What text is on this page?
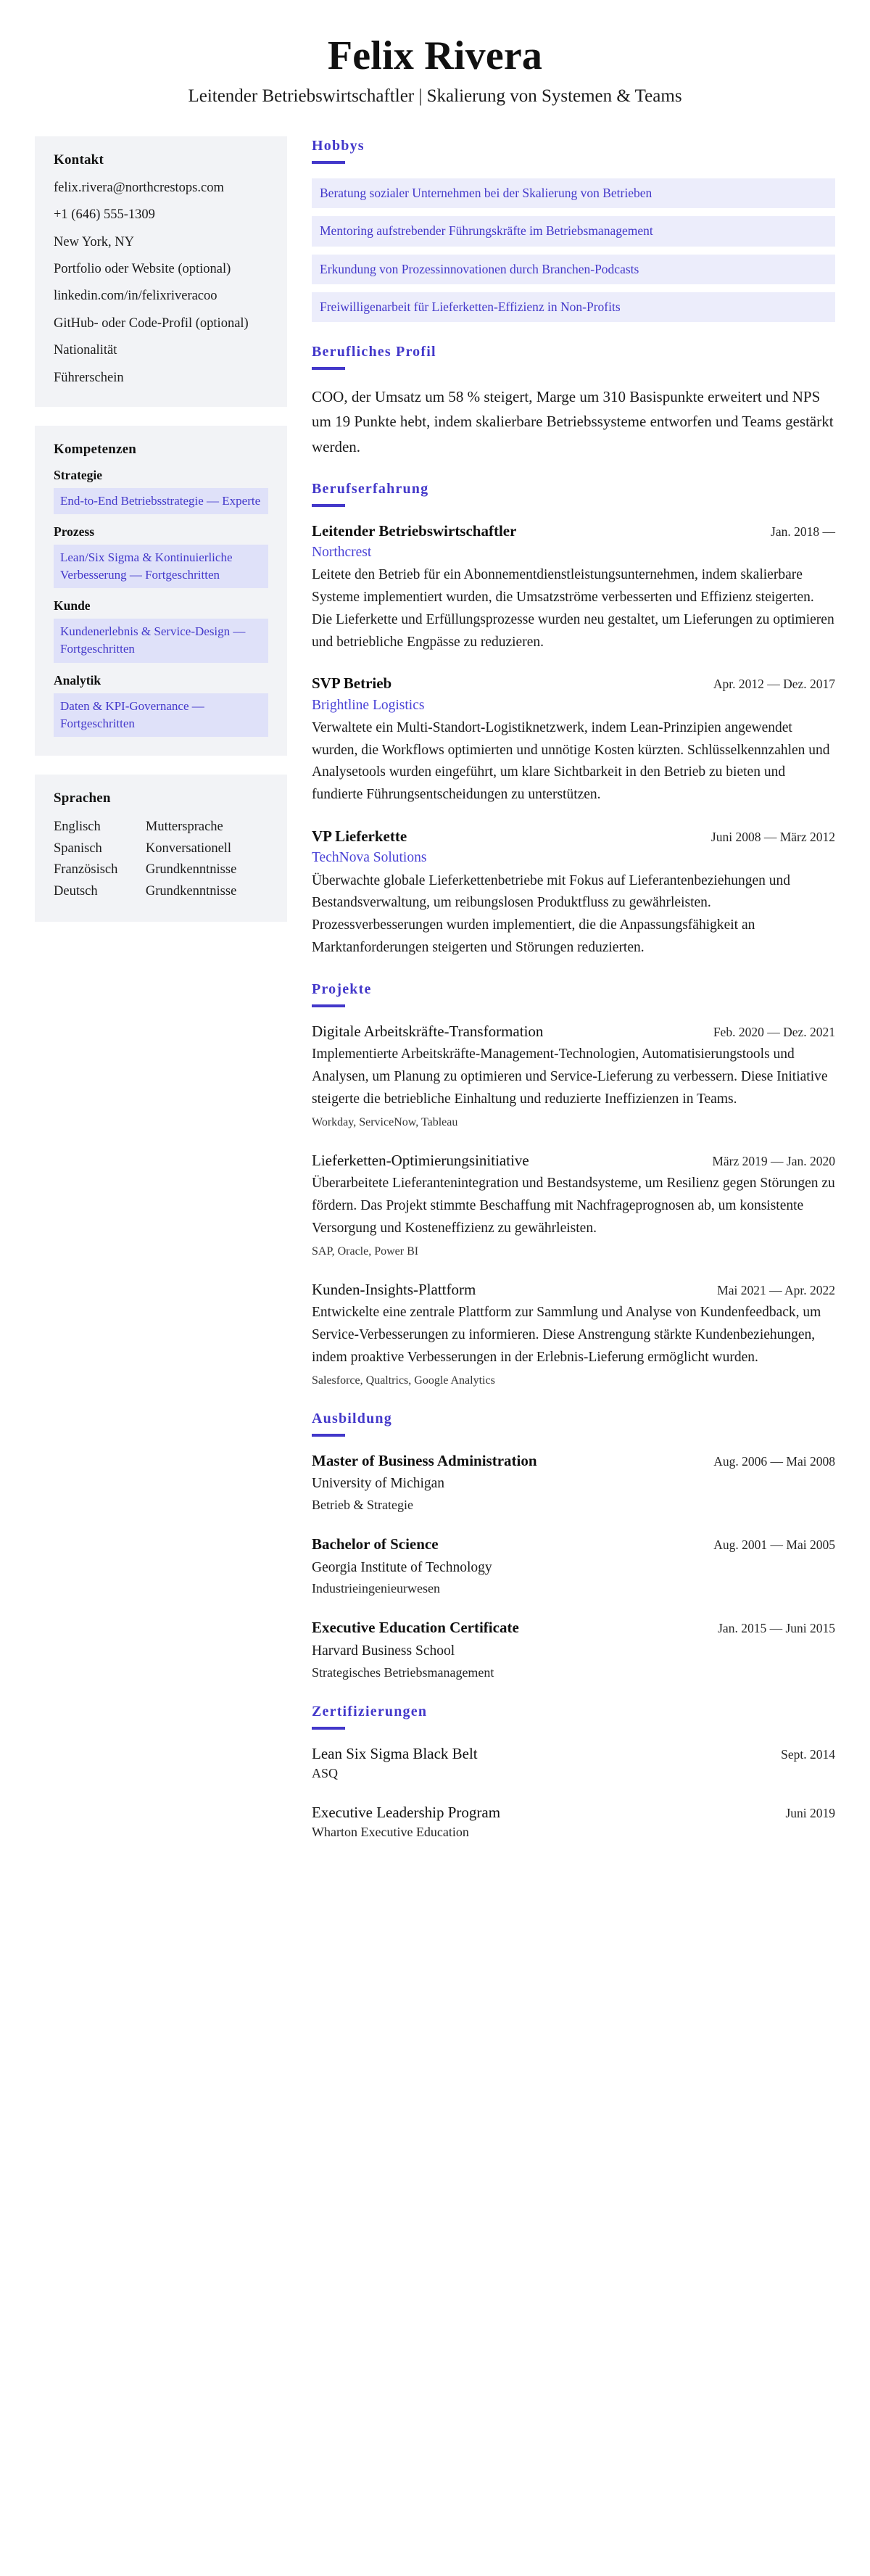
Felix Rivera

Leitender Betriebswirtschaftler | Skalierung von Systemen & Teams

Kontakt

felix.rivera@northcrestops.com

+1 (646) 555-1309

New York, NY

Portfolio oder Website (optional)

linkedin.com/in/felixriveracoo

GitHub- oder Code-Profil (optional)

Nationalität

Führerschein

Kompetenzen

Strategie

End-to-End Betriebsstrategie — Experte

Prozess

Lean/Six Sigma & Kontinuierliche Verbesserung — Fortgeschritten

Kunde

Kundenerlebnis & Service-Design — Fortgeschritten

Analytik

Daten & KPI-Governance — Fortgeschritten
Sprachen
Englisch	Muttersprache
Spanisch	Konversationell
Französisch	Grundkenntnisse
Deutsch	Grundkenntnisse
Hobbys
Beratung sozialer Unternehmen bei der Skalierung von Betrieben
Mentoring aufstrebender Führungskräfte im Betriebsmanagement
Erkundung von Prozessinnovationen durch Branchen-Podcasts
Freiwilligenarbeit für Lieferketten-Effizienz in Non-Profits
Berufliches Profil

COO, der Umsatz um 58 % steigert, Marge um 310 Basispunkte erweitert und NPS um 19 Punkte hebt, indem skalierbare Betriebssysteme entworfen und Teams gestärkt werden.

Berufserfahrung
Leitender Betriebswirtschaftler	Jan. 2018 —
Northcrest

Leitete den Betrieb für ein Abonnementdienstleistungsunternehmen, indem skalierbare Systeme implementiert wurden, die Umsatzströme verbesserten und Effizienz steigerten. Die Lieferkette und Erfüllungsprozesse wurden neu gestaltet, um Lieferungen zu optimieren und betriebliche Engpässe zu reduzieren.

SVP Betrieb	Apr. 2012 — Dez. 2017
Brightline Logistics

Verwaltete ein Multi-Standort-Logistiknetzwerk, indem Lean-Prinzipien angewendet wurden, die Workflows optimierten und unnötige Kosten kürzten. Schlüsselkennzahlen und Analysetools wurden eingeführt, um klare Sichtbarkeit in den Betrieb zu bieten und fundierte Führungsentscheidungen zu unterstützen.

VP Lieferkette	Juni 2008 — März 2012
TechNova Solutions

Überwachte globale Lieferkettenbetriebe mit Fokus auf Lieferantenbeziehungen und Bestandsverwaltung, um reibungslosen Produktfluss zu gewährleisten. Prozessverbesserungen wurden implementiert, die die Anpassungsfähigkeit an Marktanforderungen steigerten und Störungen reduzierten.

Projekte
Digitale Arbeitskräfte-Transformation	Feb. 2020 — Dez. 2021

Implementierte Arbeitskräfte-Management-Technologien, Automatisierungstools und Analysen, um Planung zu optimieren und Service-Lieferung zu verbessern. Diese Initiative steigerte die betriebliche Einhaltung und reduzierte Ineffizienzen in Teams.

Workday, ServiceNow, Tableau
Lieferketten-Optimierungsinitiative	März 2019 — Jan. 2020

Überarbeitete Lieferantenintegration und Bestandsysteme, um Resilienz gegen Störungen zu fördern. Das Projekt stimmte Beschaffung mit Nachfrageprognosen ab, um konsistente Versorgung und Kosteneffizienz zu gewährleisten.

SAP, Oracle, Power BI
Kunden-Insights-Plattform	Mai 2021 — Apr. 2022

Entwickelte eine zentrale Plattform zur Sammlung und Analyse von Kundenfeedback, um Service-Verbesserungen zu informieren. Diese Anstrengung stärkte Kundenbeziehungen, indem proaktive Verbesserungen in der Erlebnis-Lieferung ermöglicht wurden.

Salesforce, Qualtrics, Google Analytics
Ausbildung
Master of Business Administration	Aug. 2006 — Mai 2008

University of Michigan

Betrieb & Strategie

Bachelor of Science	Aug. 2001 — Mai 2005

Georgia Institute of Technology

Industrieingenieurwesen

Executive Education Certificate	Jan. 2015 — Juni 2015

Harvard Business School

Strategisches Betriebsmanagement

Zertifizierungen
Lean Six Sigma Black Belt	Sept. 2014

ASQ

Executive Leadership Program	Juni 2019

Wharton Executive Education
